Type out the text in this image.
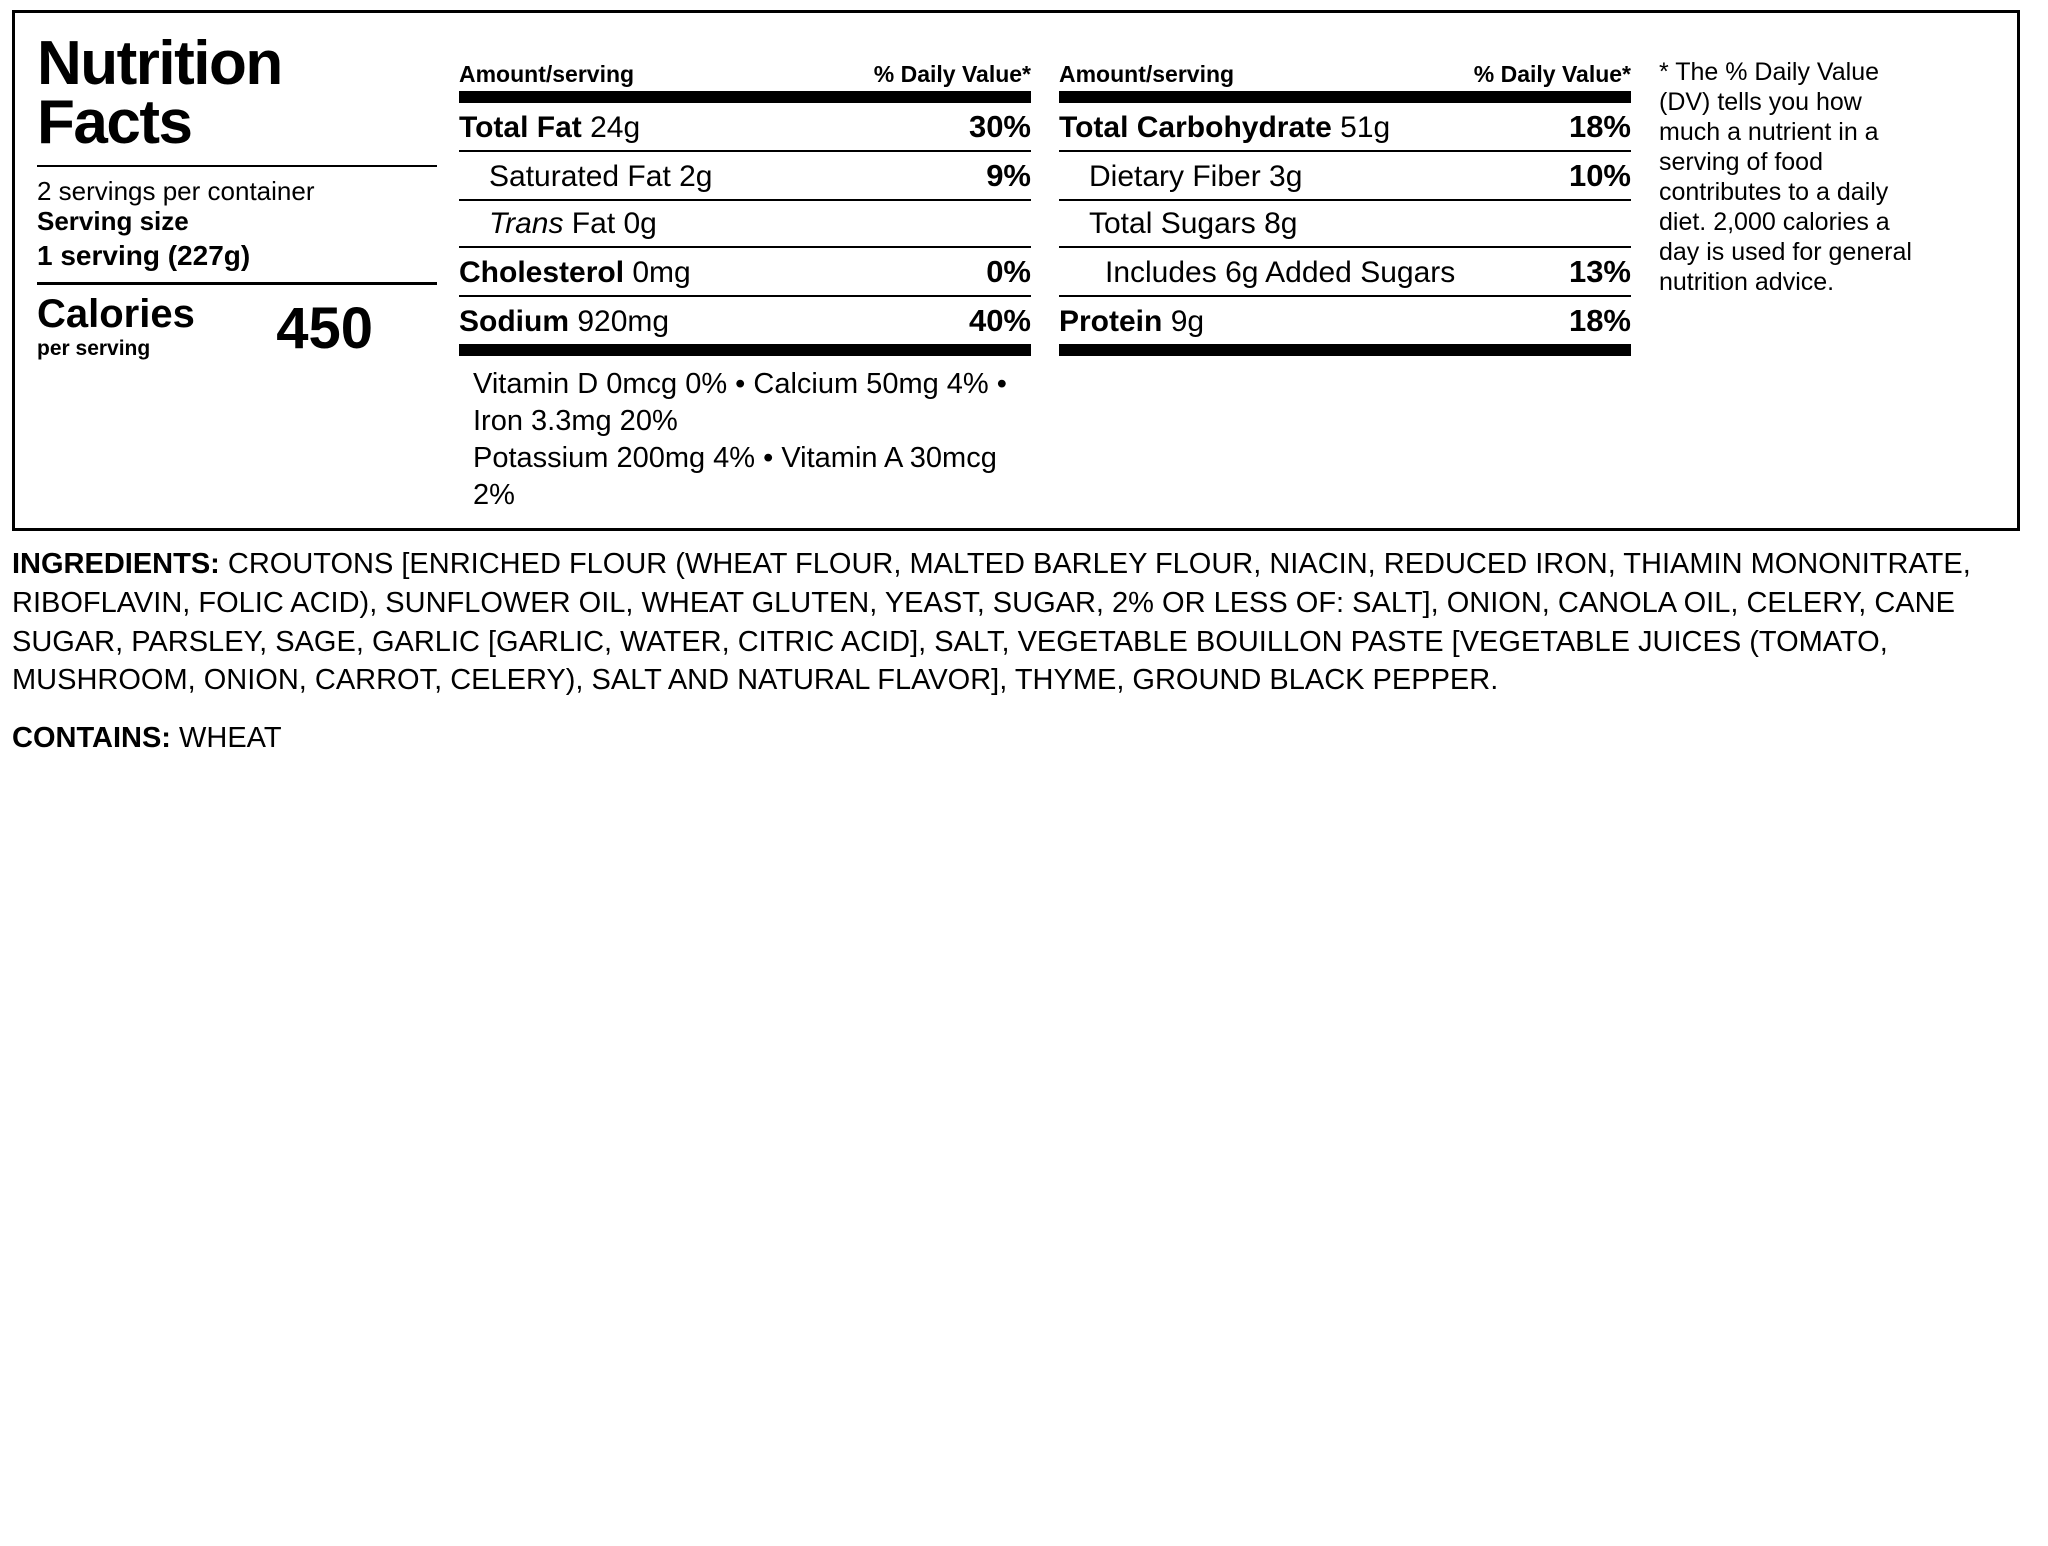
Nutrition
Facts
2 servings per container
Serving size
1 serving (227g)
Calories
per serving	450
Amount/serving	% Daily Value*
Total Fat 24g	30%
Saturated Fat 2g	9%
Trans Fat 0g
Cholesterol 0mg	0%
Sodium 920mg	40%
Vitamin D 0mcg 0% • Calcium 50mg 4% • Iron 3.3mg 20%
Potassium 200mg 4% • Vitamin A 30mcg 2%
Amount/serving	% Daily Value*
Total Carbohydrate 51g	18%
Dietary Fiber 3g	10%
Total Sugars 8g
Includes 6g Added Sugars	13%
Protein 9g	18%
* The % Daily Value (DV) tells you how much a nutrient in a serving of food contributes to a daily diet. 2,000 calories a day is used for general nutrition advice.
INGREDIENTS: CROUTONS [ENRICHED FLOUR (WHEAT FLOUR, MALTED BARLEY FLOUR, NIACIN, REDUCED IRON, THIAMIN MONONITRATE, RIBOFLAVIN, FOLIC ACID), SUNFLOWER OIL, WHEAT GLUTEN, YEAST, SUGAR, 2% OR LESS OF: SALT], ONION, CANOLA OIL, CELERY, CANE SUGAR, PARSLEY, SAGE, GARLIC [GARLIC, WATER, CITRIC ACID], SALT, VEGETABLE BOUILLON PASTE [VEGETABLE JUICES (TOMATO, MUSHROOM, ONION, CARROT, CELERY), SALT AND NATURAL FLAVOR], THYME, GROUND BLACK PEPPER.
CONTAINS: WHEAT
